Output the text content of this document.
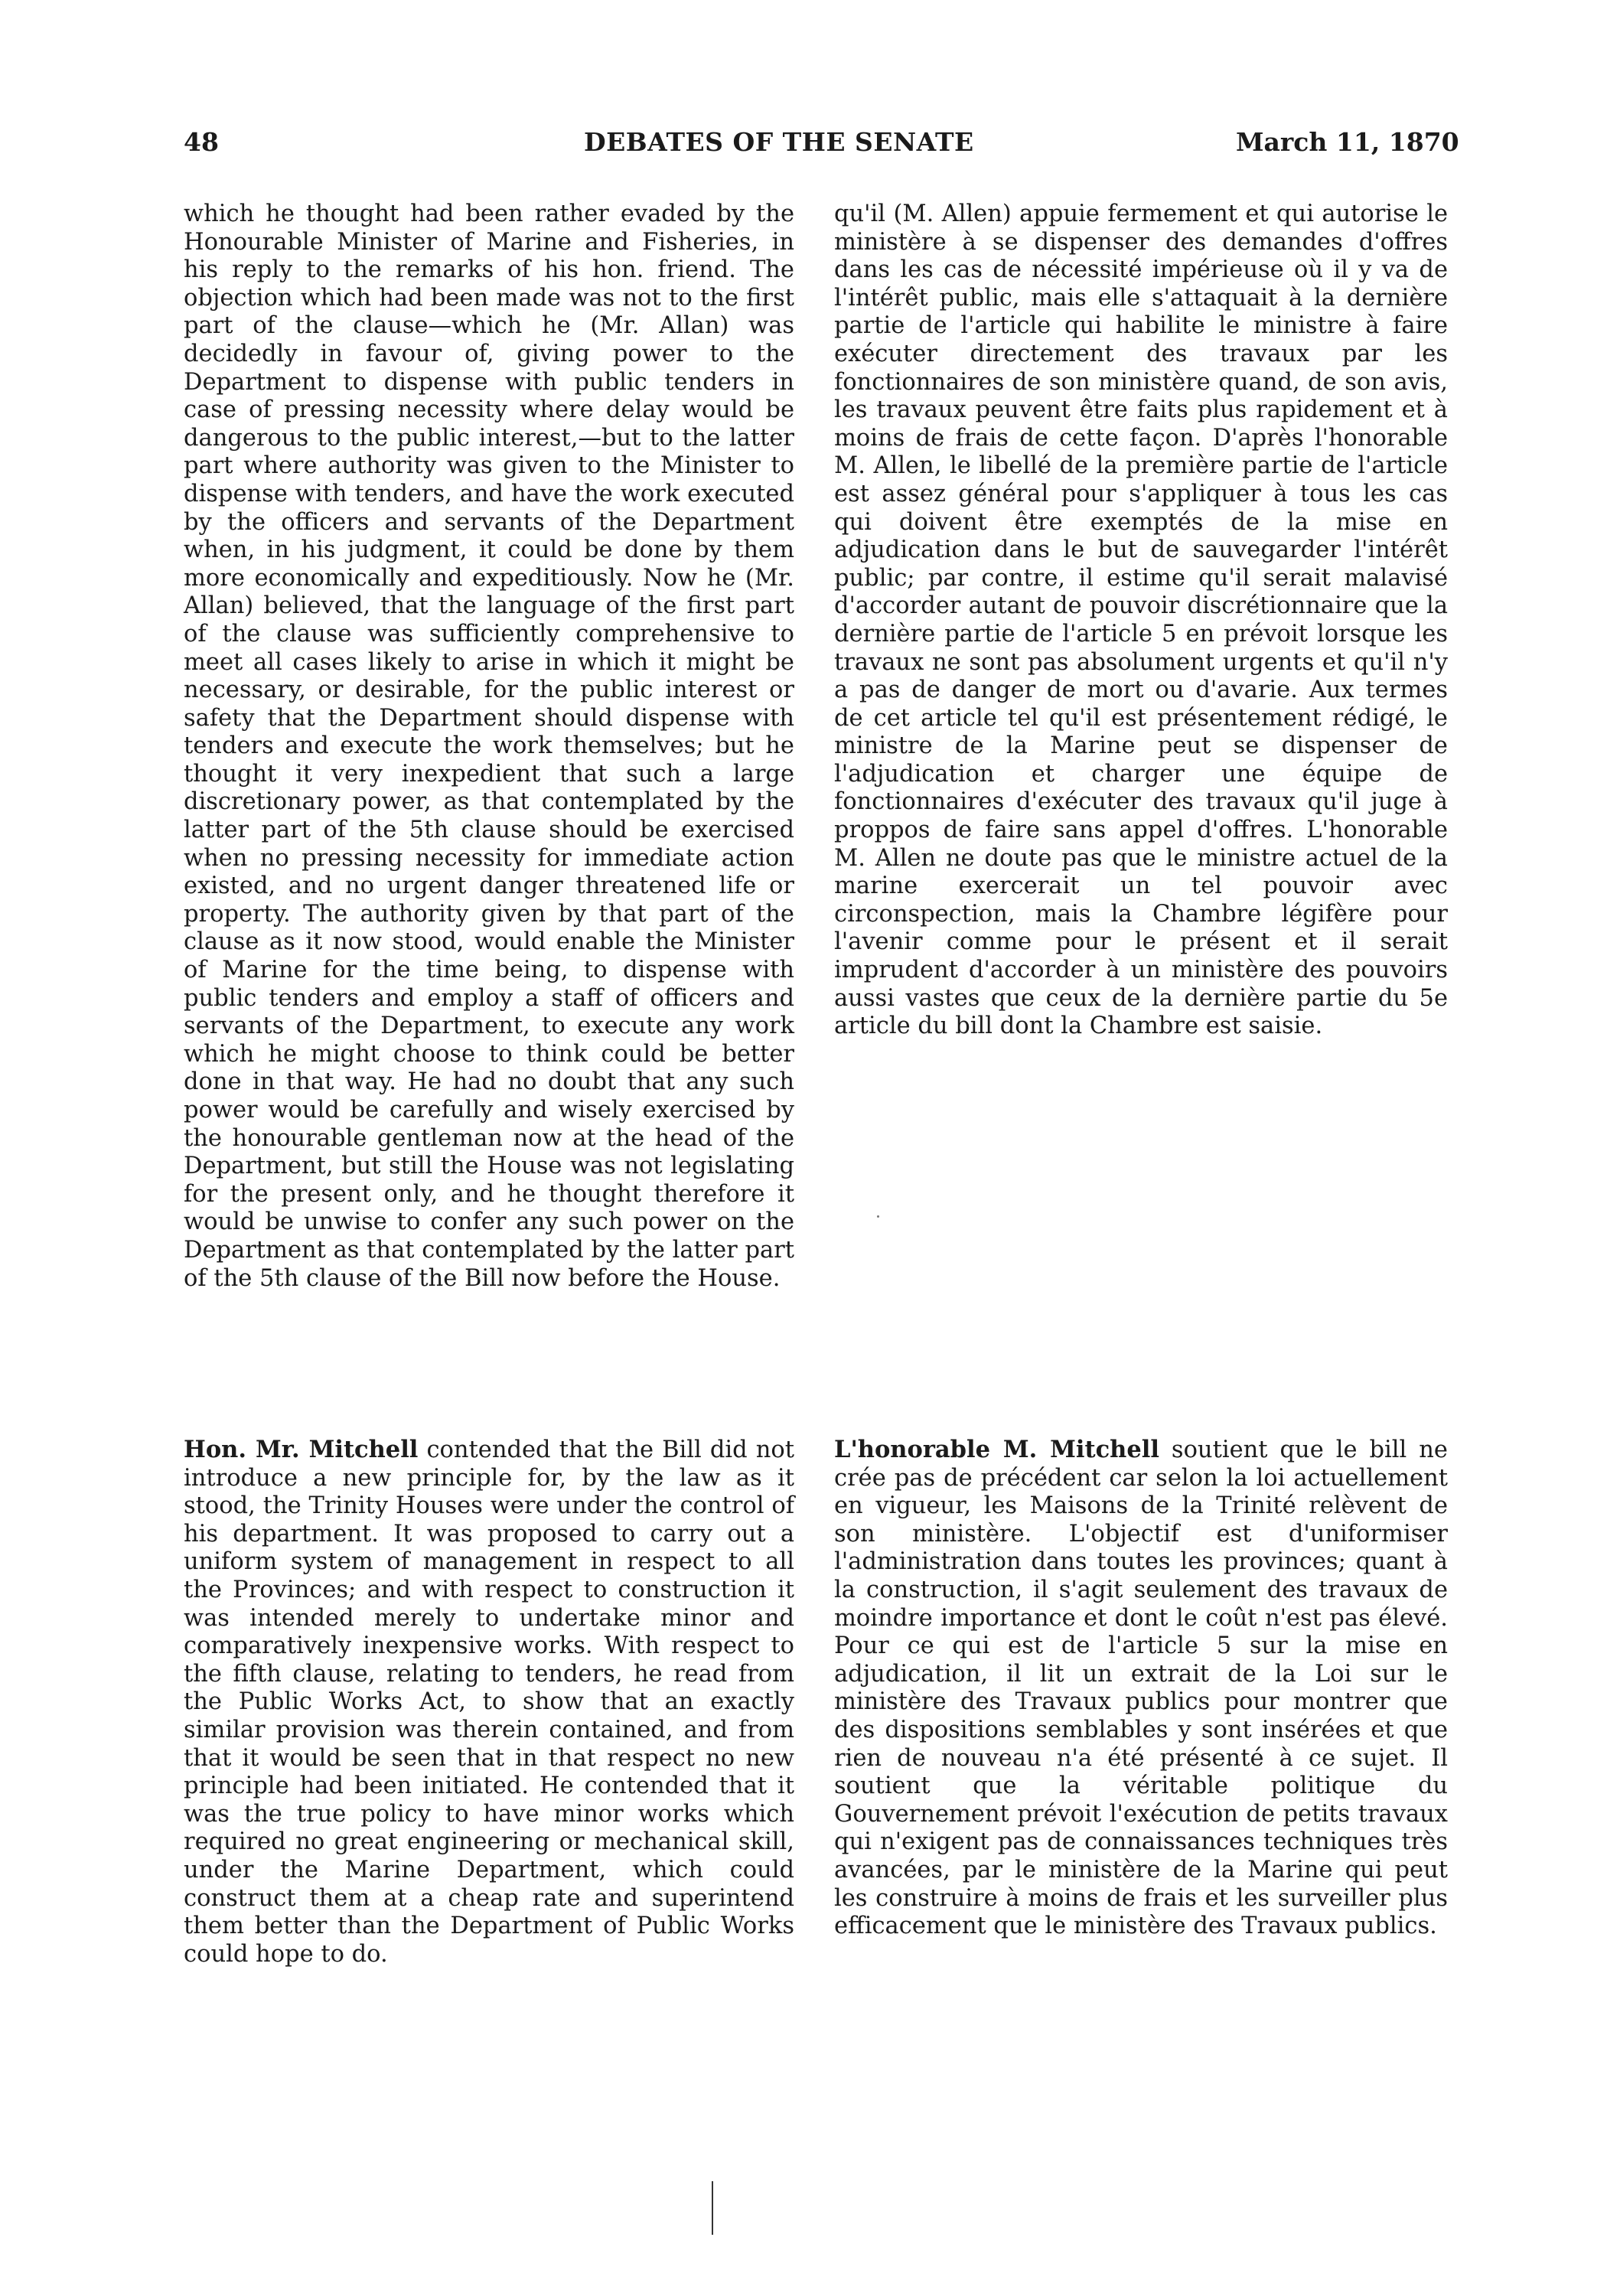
48	DEBATES OF THE SENATE	March 11, 1870

which he thought had been rather evaded by the Honourable Minister of Marine and Fisheries, in his reply to the remarks of his hon. friend. The objection which had been made was not to the first part of the clause—which he (Mr. Allan) was decidedly in favour of, giving power to the Department to dispense with public tenders in case of pressing necessity where delay would be dangerous to the public interest,—but to the latter part where authority was given to the Minister to dispense with tenders, and have the work executed by the officers and servants of the Department when, in his judgment, it could be done by them more economically and expeditiously. Now he (Mr. Allan) believed, that the language of the first part of the clause was sufficiently comprehensive to meet all cases likely to arise in which it might be necessary, or desirable, for the public interest or safety that the Department should dispense with tenders and execute the work themselves; but he thought it very inexpedient that such a large discretionary power, as that contemplated by the latter part of the 5th clause should be exercised when no pressing necessity for immediate action existed, and no urgent danger threatened life or property. The authority given by that part of the clause as it now stood, would enable the Minister of Marine for the time being, to dispense with public tenders and employ a staff of officers and servants of the Department, to execute any work which he might choose to think could be better done in that way. He had no doubt that any such power would be carefully and wisely exercised by the honourable gentleman now at the head of the Department, but still the House was not legislating for the present only, and he thought therefore it would be unwise to confer any such power on the Department as that contemplated by the latter part of the 5th clause of the Bill now before the House.

Hon. Mr. Mitchell contended that the Bill did not introduce a new principle for, by the law as it stood, the Trinity Houses were under the control of his department. It was proposed to carry out a uniform system of management in respect to all the Provinces; and with respect to construction it was intended merely to undertake minor and comparatively inexpensive works. With respect to the fifth clause, relating to tenders, he read from the Public Works Act, to show that an exactly similar provision was therein contained, and from that it would be seen that in that respect no new principle had been initiated. He contended that it was the true policy to have minor works which required no great engineering or mechanical skill, under the Marine Department, which could construct them at a cheap rate and superintend them better than the Department of Public Works could hope to do.

qu'il (M. Allen) appuie fermement et qui autorise le ministère à se dispenser des demandes d'offres dans les cas de nécessité impérieuse où il y va de l'intérêt public, mais elle s'attaquait à la dernière partie de l'article qui habilite le ministre à faire exécuter directement des travaux par les fonctionnaires de son ministère quand, de son avis, les travaux peuvent être faits plus rapidement et à moins de frais de cette façon. D'après l'honorable M. Allen, le libellé de la première partie de l'article est assez général pour s'appliquer à tous les cas qui doivent être exemptés de la mise en adjudication dans le but de sauvegarder l'intérêt public; par contre, il estime qu'il serait malavisé d'accorder autant de pouvoir discrétionnaire que la dernière partie de l'article 5 en prévoit lorsque les travaux ne sont pas absolument urgents et qu'il n'y a pas de danger de mort ou d'avarie. Aux termes de cet article tel qu'il est présentement rédigé, le ministre de la Marine peut se dispenser de l'adjudication et charger une équipe de fonctionnaires d'exécuter des travaux qu'il juge à proppos de faire sans appel d'offres. L'honorable M. Allen ne doute pas que le ministre actuel de la marine exercerait un tel pouvoir avec circonspection, mais la Chambre légifère pour l'avenir comme pour le présent et il serait imprudent d'accorder à un ministère des pouvoirs aussi vastes que ceux de la dernière partie du 5e article du bill dont la Chambre est saisie.

L'honorable M. Mitchell soutient que le bill ne crée pas de précédent car selon la loi actuellement en vigueur, les Maisons de la Trinité relèvent de son ministère. L'objectif est d'uniformiser l'administration dans toutes les provinces; quant à la construction, il s'agit seulement des travaux de moindre importance et dont le coût n'est pas élevé. Pour ce qui est de l'article 5 sur la mise en adjudication, il lit un extrait de la Loi sur le ministère des Travaux publics pour montrer que des dispositions semblables y sont insérées et que rien de nouveau n'a été présenté à ce sujet. Il soutient que la véritable politique du Gouvernement prévoit l'exécution de petits travaux qui n'exigent pas de connaissances techniques très avancées, par le ministère de la Marine qui peut les construire à moins de frais et les surveiller plus efficacement que le ministère des Travaux publics.
